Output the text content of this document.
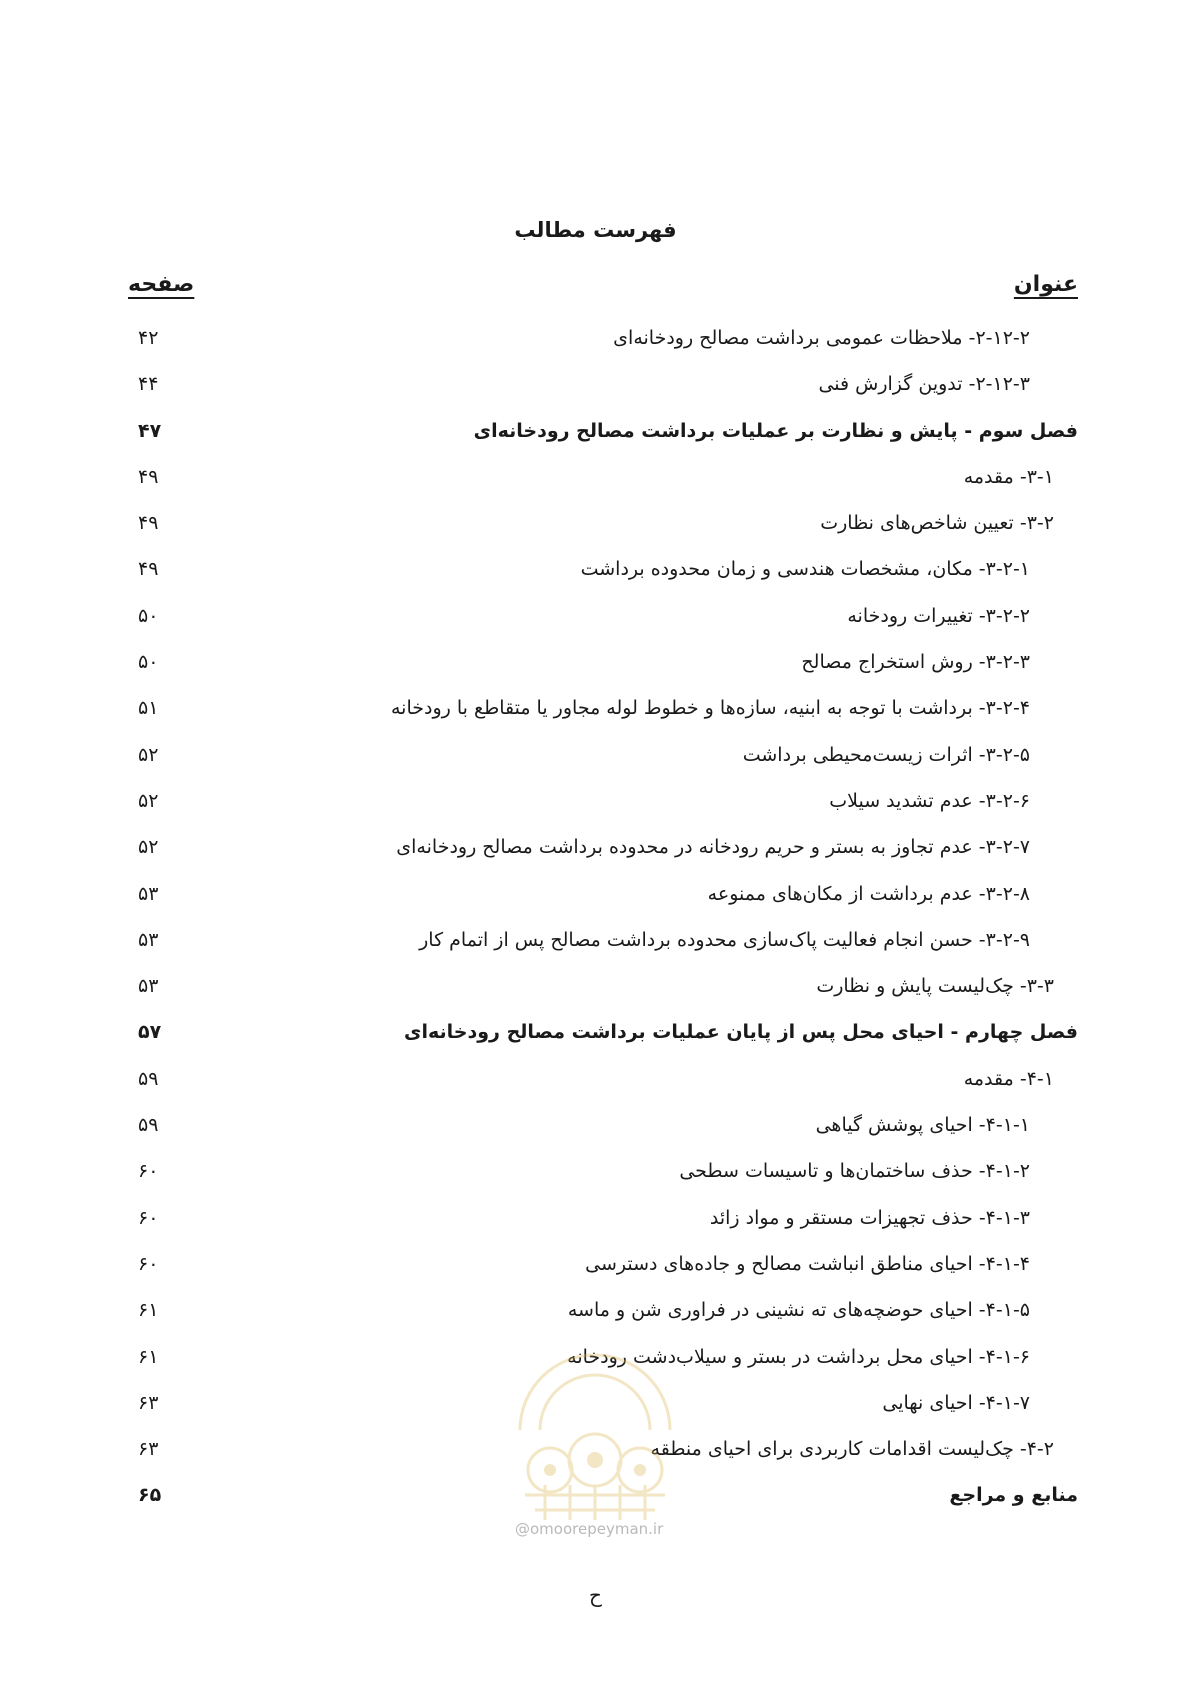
فهرست مطالب
عنوان
صفحه
۲-۱۲-۲- ملاحظات عمومی برداشت مصالح رودخانه‌ای
۴۲
۲-۱۲-۳- تدوین گزارش فنی
۴۴
فصل سوم - پایش و نظارت بر عملیات برداشت مصالح رودخانه‌ای
۴۷
۳-۱- مقدمه
۴۹
۳-۲- تعیین شاخص‌های نظارت
۴۹
۳-۲-۱- مکان، مشخصات هندسی و زمان محدوده برداشت
۴۹
۳-۲-۲- تغییرات رودخانه
۵۰
۳-۲-۳- روش استخراج مصالح
۵۰
۳-۲-۴- برداشت با توجه به ابنیه، سازه‌ها و خطوط لوله مجاور یا متقاطع با رودخانه
۵۱
۳-۲-۵- اثرات زیست‌محیطی برداشت
۵۲
۳-۲-۶- عدم تشدید سیلاب
۵۲
۳-۲-۷- عدم تجاوز به بستر و حریم رودخانه در محدوده برداشت مصالح رودخانه‌ای
۵۲
۳-۲-۸- عدم برداشت از مکان‌های ممنوعه
۵۳
۳-۲-۹- حسن انجام فعالیت پاک‌سازی محدوده برداشت مصالح پس از اتمام کار
۵۳
۳-۳- چک‌لیست پایش و نظارت
۵۳
فصل چهارم - احیای محل پس از پایان عملیات برداشت مصالح رودخانه‌ای
۵۷
۴-۱- مقدمه
۵۹
۴-۱-۱- احیای پوشش گیاهی
۵۹
۴-۱-۲- حذف ساختمان‌ها و تاسیسات سطحی
۶۰
۴-۱-۳- حذف تجهیزات مستقر و مواد زائد
۶۰
۴-۱-۴- احیای مناطق انباشت مصالح و جاده‌های دسترسی
۶۰
۴-۱-۵- احیای حوضچه‌های ته نشینی در فراوری شن و ماسه
۶۱
۴-۱-۶- احیای محل برداشت در بستر و سیلاب‌دشت رودخانه
۶۱
۴-۱-۷- احیای نهایی
۶۳
۴-۲- چک‌لیست اقدامات کاربردی برای احیای منطقه
۶۳
منابع و مراجع
۶۵
@omoorepeyman.ir
ح
